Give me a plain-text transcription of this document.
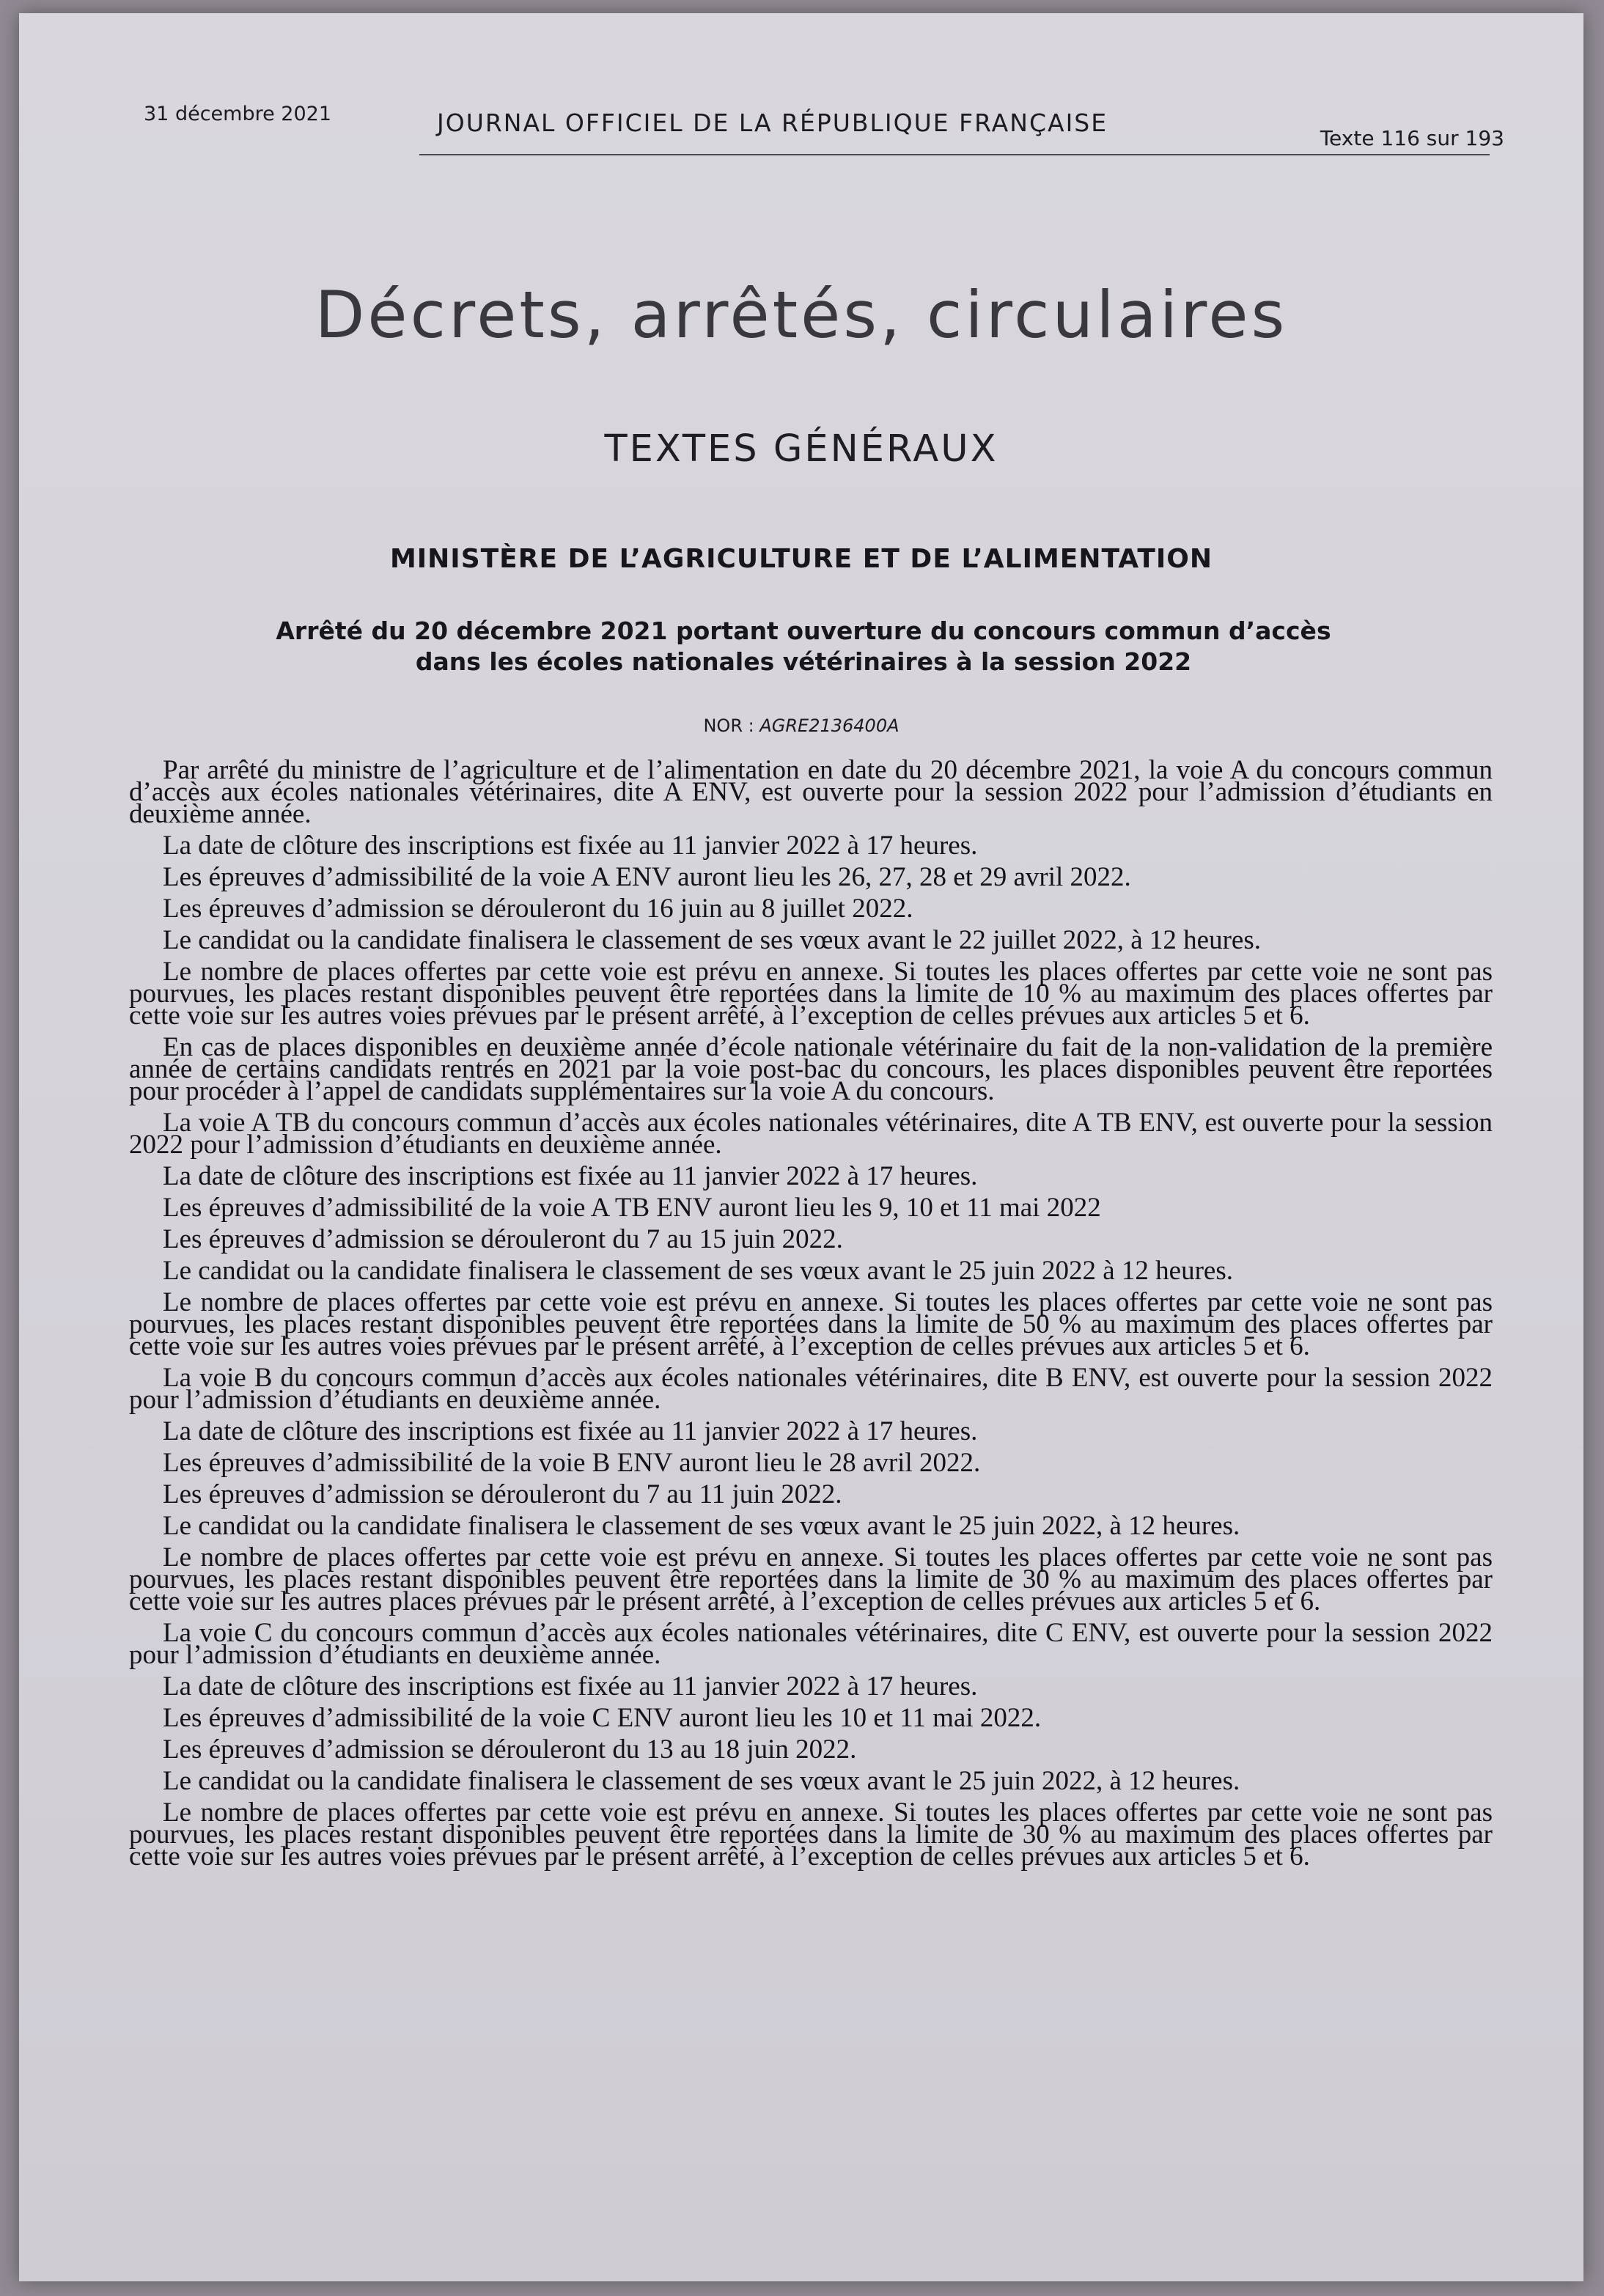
31 décembre 2021	JOURNAL OFFICIEL DE LA RÉPUBLIQUE FRANÇAISE
Texte 116 sur 193
Décrets, arrêtés, circulaires
TEXTES GÉNÉRAUX
MINISTÈRE DE L’AGRICULTURE ET DE L’ALIMENTATION
Arrêté du 20 décembre 2021 portant ouverture du concours commun d’accès
dans les écoles nationales vétérinaires à la session 2022
NOR : AGRE2136400A

Par arrêté du ministre de l’agriculture et de l’alimentation en date du 20 décembre 2021, la voie A du concours commun d’accès aux écoles nationales vétérinaires, dite A ENV, est ouverte pour la session 2022 pour l’admission d’étudiants en deuxième année.

La date de clôture des inscriptions est fixée au 11 janvier 2022 à 17 heures.

Les épreuves d’admissibilité de la voie A ENV auront lieu les 26, 27, 28 et 29 avril 2022.

Les épreuves d’admission se dérouleront du 16 juin au 8 juillet 2022.

Le candidat ou la candidate finalisera le classement de ses vœux avant le 22 juillet 2022, à 12 heures.

Le nombre de places offertes par cette voie est prévu en annexe. Si toutes les places offertes par cette voie ne sont pas pourvues, les places restant disponibles peuvent être reportées dans la limite de 10 % au maximum des places offertes par cette voie sur les autres voies prévues par le présent arrêté, à l’exception de celles prévues aux articles 5 et 6.

En cas de places disponibles en deuxième année d’école nationale vétérinaire du fait de la non-validation de la première année de certains candidats rentrés en 2021 par la voie post-bac du concours, les places disponibles peuvent être reportées pour procéder à l’appel de candidats supplémentaires sur la voie A du concours.

La voie A TB du concours commun d’accès aux écoles nationales vétérinaires, dite A TB ENV, est ouverte pour la session 2022 pour l’admission d’étudiants en deuxième année.

La date de clôture des inscriptions est fixée au 11 janvier 2022 à 17 heures.

Les épreuves d’admissibilité de la voie A TB ENV auront lieu les 9, 10 et 11 mai 2022

Les épreuves d’admission se dérouleront du 7 au 15 juin 2022.

Le candidat ou la candidate finalisera le classement de ses vœux avant le 25 juin 2022 à 12 heures.

Le nombre de places offertes par cette voie est prévu en annexe. Si toutes les places offertes par cette voie ne sont pas pourvues, les places restant disponibles peuvent être reportées dans la limite de 50 % au maximum des places offertes par cette voie sur les autres voies prévues par le présent arrêté, à l’exception de celles prévues aux articles 5 et 6.

La voie B du concours commun d’accès aux écoles nationales vétérinaires, dite B ENV, est ouverte pour la session 2022 pour l’admission d’étudiants en deuxième année.

La date de clôture des inscriptions est fixée au 11 janvier 2022 à 17 heures.

Les épreuves d’admissibilité de la voie B ENV auront lieu le 28 avril 2022.

Les épreuves d’admission se dérouleront du 7 au 11 juin 2022.

Le candidat ou la candidate finalisera le classement de ses vœux avant le 25 juin 2022, à 12 heures.

Le nombre de places offertes par cette voie est prévu en annexe. Si toutes les places offertes par cette voie ne sont pas pourvues, les places restant disponibles peuvent être reportées dans la limite de 30 % au maximum des places offertes par cette voie sur les autres places prévues par le présent arrêté, à l’exception de celles prévues aux articles 5 et 6.

La voie C du concours commun d’accès aux écoles nationales vétérinaires, dite C ENV, est ouverte pour la session 2022 pour l’admission d’étudiants en deuxième année.

La date de clôture des inscriptions est fixée au 11 janvier 2022 à 17 heures.

Les épreuves d’admissibilité de la voie C ENV auront lieu les 10 et 11 mai 2022.

Les épreuves d’admission se dérouleront du 13 au 18 juin 2022.

Le candidat ou la candidate finalisera le classement de ses vœux avant le 25 juin 2022, à 12 heures.

Le nombre de places offertes par cette voie est prévu en annexe. Si toutes les places offertes par cette voie ne sont pas pourvues, les places restant disponibles peuvent être reportées dans la limite de 30 % au maximum des places offertes par cette voie sur les autres voies prévues par le présent arrêté, à l’exception de celles prévues aux articles 5 et 6.
